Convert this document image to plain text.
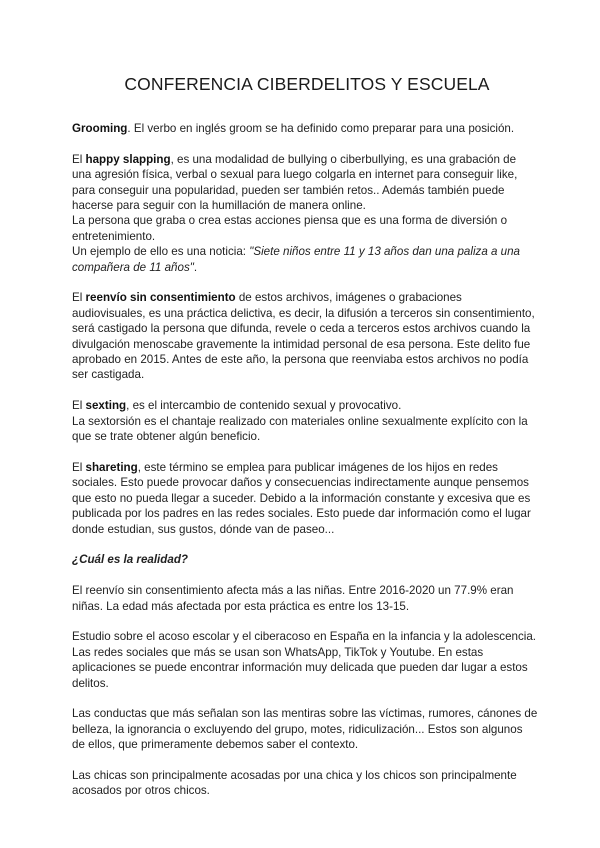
CONFERENCIA CIBERDELITOS Y ESCUELA

Grooming. El verbo en inglés groom se ha definido como preparar para una posición.

El happy slapping, es una modalidad de bullying o ciberbullying, es una grabación de una agresión física, verbal o sexual para luego colgarla en internet para conseguir like, para conseguir una popularidad, pueden ser también retos.. Además también puede hacerse para seguir con la humillación de manera online.
La persona que graba o crea estas acciones piensa que es una forma de diversión o entretenimiento.
Un ejemplo de ello es una noticia: "Siete niños entre 11 y 13 años dan una paliza a una compañera de 11 años".

El reenvío sin consentimiento de estos archivos, imágenes o grabaciones audiovisuales, es una práctica delictiva, es decir, la difusión a terceros sin consentimiento, será castigado la persona que difunda, revele o ceda a terceros estos archivos cuando la divulgación menoscabe gravemente la intimidad personal de esa persona. Este delito fue aprobado en 2015. Antes de este año, la persona que reenviaba estos archivos no podía ser castigada.

El sexting, es el intercambio de contenido sexual y provocativo.
La sextorsión es el chantaje realizado con materiales online sexualmente explícito con la que se trate obtener algún beneficio.

El shareting, este término se emplea para publicar imágenes de los hijos en redes sociales. Esto puede provocar daños y consecuencias indirectamente aunque pensemos que esto no pueda llegar a suceder. Debido a la información constante y excesiva que es publicada por los padres en las redes sociales. Esto puede dar información como el lugar donde estudian, sus gustos, dónde van de paseo...

¿Cuál es la realidad?

El reenvío sin consentimiento afecta más a las niñas. Entre 2016-2020 un 77.9% eran niñas. La edad más afectada por esta práctica es entre los 13-15.

Estudio sobre el acoso escolar y el ciberacoso en España en la infancia y la adolescencia. Las redes sociales que más se usan son WhatsApp, TikTok y Youtube. En estas aplicaciones se puede encontrar información muy delicada que pueden dar lugar a estos delitos.

Las conductas que más señalan son las mentiras sobre las víctimas, rumores, cánones de belleza, la ignorancia o excluyendo del grupo, motes, ridiculización... Estos son algunos de ellos, que primeramente debemos saber el contexto.

Las chicas son principalmente acosadas por una chica y los chicos son principalmente acosados por otros chicos.
